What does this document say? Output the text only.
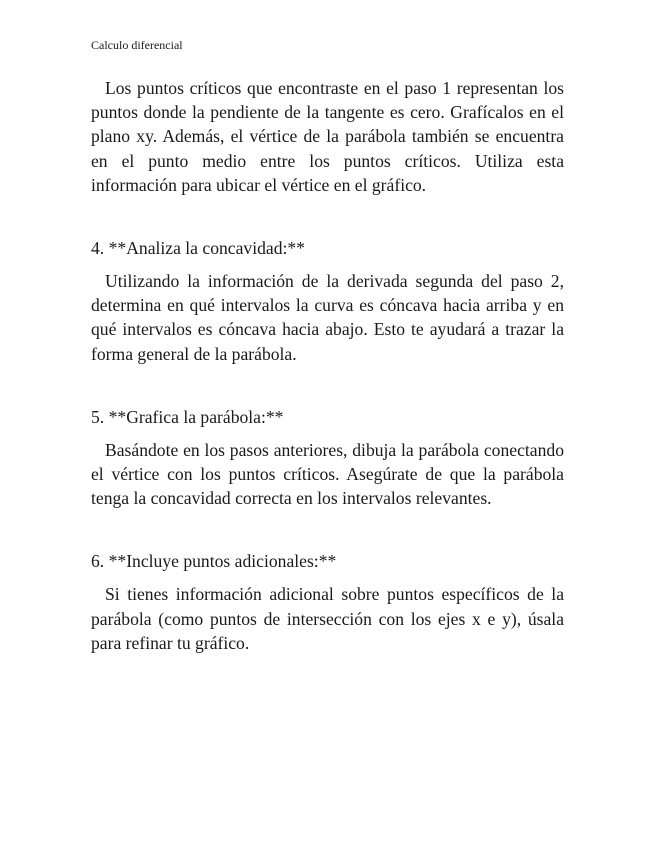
Calculo diferencial

Los puntos críticos que encontraste en el paso 1 representan los puntos donde la pendiente de la tangente es cero. Grafícalos en el plano xy. Además, el vértice de la parábola también se encuentra en el punto medio entre los puntos críticos. Utiliza esta información para ubicar el vértice en el gráfico.

4. **Analiza la concavidad:**

Utilizando la información de la derivada segunda del paso 2, determina en qué intervalos la curva es cóncava hacia arriba y en qué intervalos es cóncava hacia abajo. Esto te ayudará a trazar la forma general de la parábola.

5. **Grafica la parábola:**

Basándote en los pasos anteriores, dibuja la parábola conectando el vértice con los puntos críticos. Asegúrate de que la parábola tenga la concavidad correcta en los intervalos relevantes.

6. **Incluye puntos adicionales:**

Si tienes información adicional sobre puntos específicos de la parábola (como puntos de intersección con los ejes x e y), úsala para refinar tu gráfico.
